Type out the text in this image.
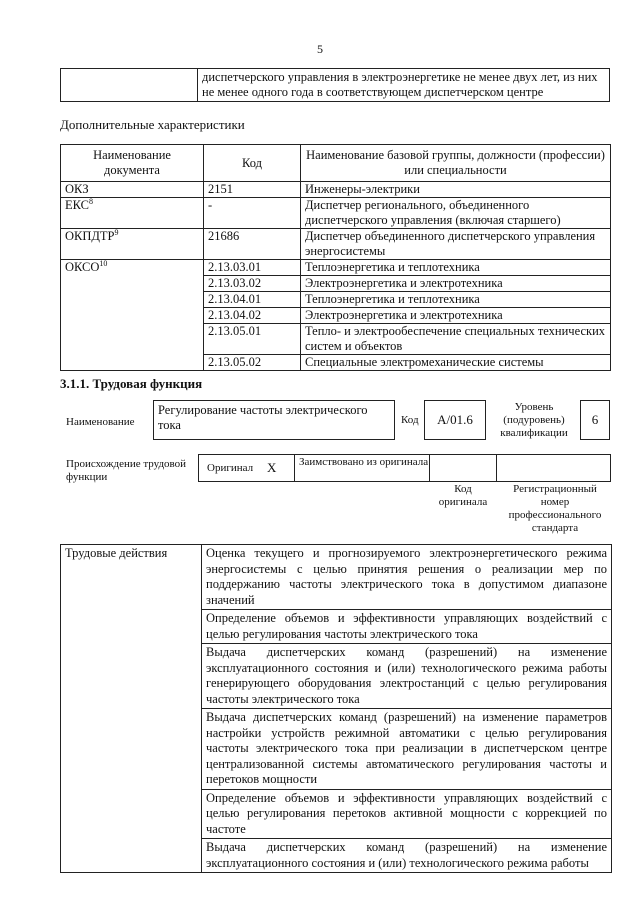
5
	диспетчерского управления в электроэнергетике не менее двух лет, из них не менее одного года в соответствующем диспетчерском центре
Дополнительные характеристики
Наименование документа	Код	Наименование базовой группы, должности (профессии) или специальности
ОКЗ	2151	Инженеры-электрики
ЕКС$^8$	-	Диспетчер регионального, объединенного диспетчерского управления (включая старшего)
ОКПДТР$^9$	21686	Диспетчер объединенного диспетчерского управления энергосистемы
ОКСО$^{10}$	2.13.03.01	Теплоэнергетика и теплотехника
	2.13.03.02	Электроэнергетика и электротехника
	2.13.04.01	Теплоэнергетика и теплотехника
	2.13.04.02	Электроэнергетика и электротехника
	2.13.05.01	Тепло- и электрообеспечение специальных технических систем и объектов
	2.13.05.02	Специальные электромеханические системы
3.1.1. Трудовая функция
Наименование
Регулирование частоты электрического тока	Код	A/01.6
Уровень (подуровень) квалификации
6
Происхождение трудовой функции
Оригинал X Заимствовано из оригинала
Код оригинала
Регистрационный номер профессионального стандарта
Трудовые действия	Оценка текущего и прогнозируемого электроэнергетического режима энергосистемы с целью принятия решения о реализации мер по поддержанию частоты электрического тока в допустимом диапазоне значений
Определение объемов и эффективности управляющих воздействий с целью регулирования частоты электрического тока
Выдача диспетчерских команд (разрешений) на изменение эксплуатационного состояния и (или) технологического режима работы генерирующего оборудования электростанций с целью регулирования частоты электрического тока
Выдача диспетчерских команд (разрешений) на изменение параметров настройки устройств режимной автоматики с целью регулирования частоты электрического тока при реализации в диспетчерском центре централизованной системы автоматического регулирования частоты и перетоков мощности
Определение объемов и эффективности управляющих воздействий с целью регулирования перетоков активной мощности с коррекцией по частоте
Выдача диспетчерских команд (разрешений) на изменение эксплуатационного состояния и (или) технологического режима работы
